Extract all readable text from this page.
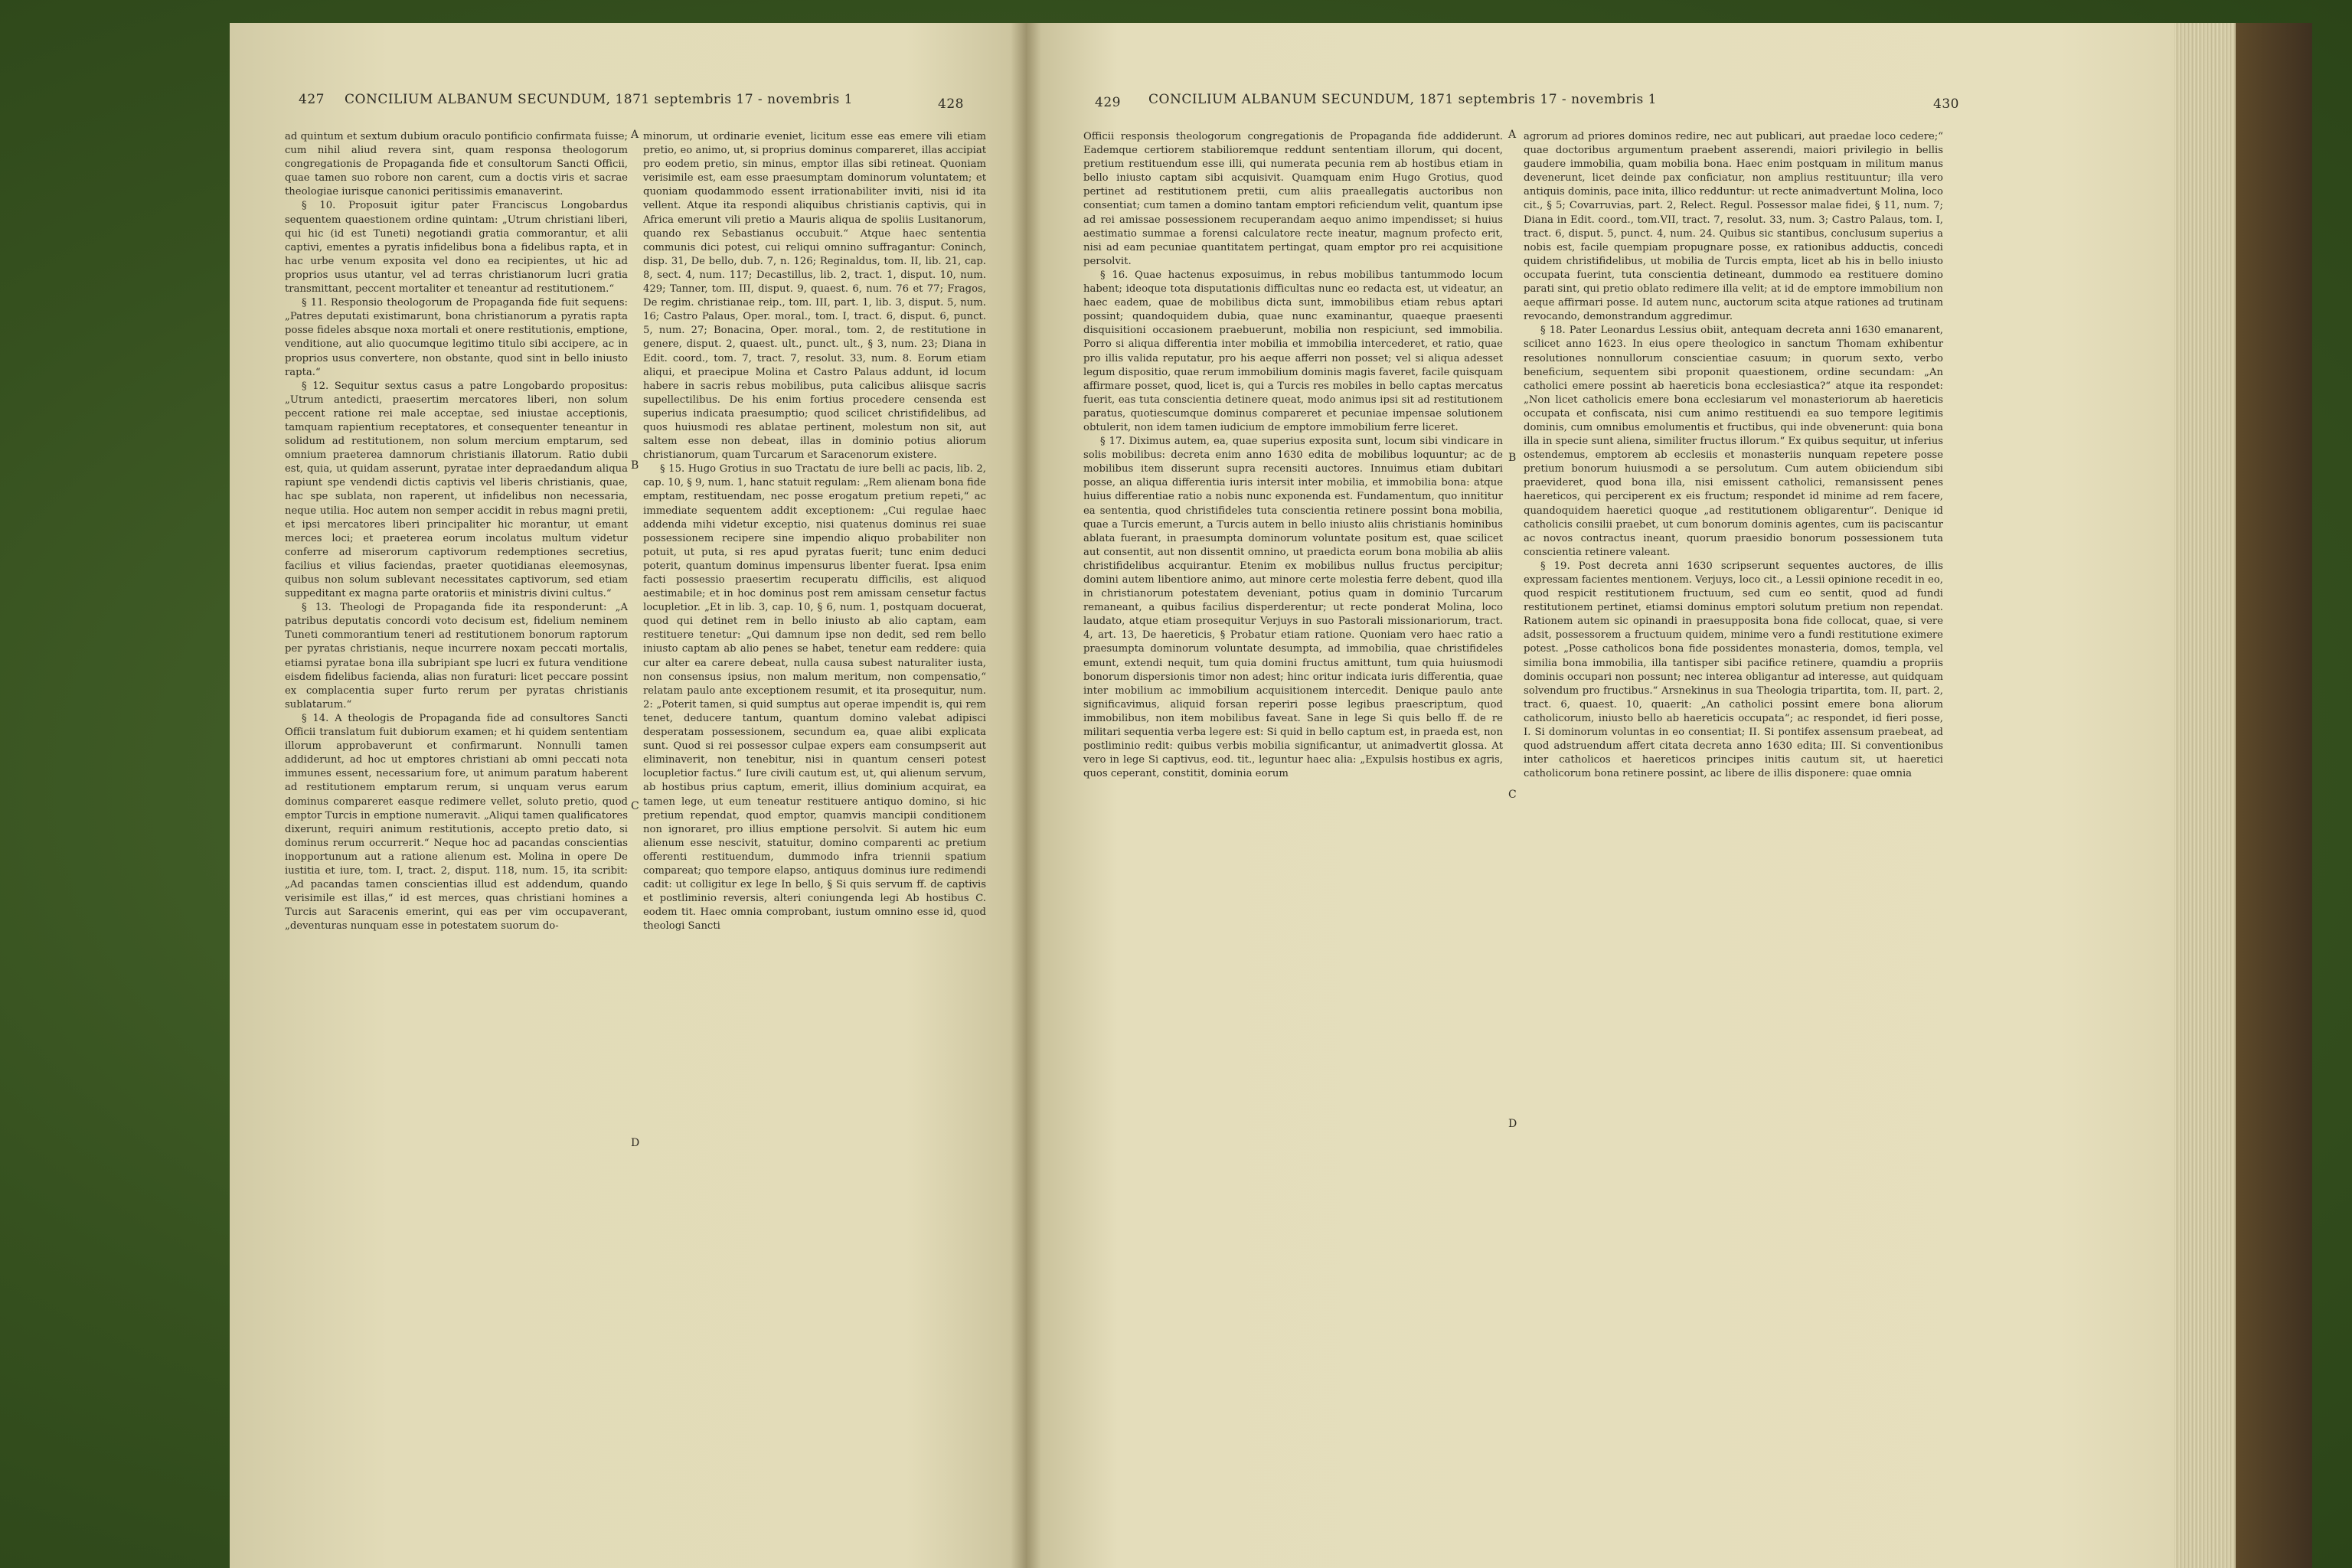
427 CONCILIUM ALBANUM SECUNDUM, 1871 septembris 17 - novembris 1	428

ad quintum et sextum dubium oraculo pontificio confirmata fuisse; cum nihil aliud revera sint, quam responsa theologorum congregationis de Propaganda fide et consultorum Sancti Officii, quae tamen suo robore non carent, cum a doctis viris et sacrae theologiae iurisque canonici peritissimis emanaverint.

§ 10. Proposuit igitur pater Franciscus Longobardus sequentem quaestionem ordine quintam: „Utrum christiani liberi, qui hic (id est Tuneti) negotiandi gratia commorantur, et alii captivi, ementes a pyratis infidelibus bona a fidelibus rapta, et in hac urbe venum exposita vel dono ea recipientes, ut hic ad proprios usus utantur, vel ad terras christianorum lucri gratia transmittant, peccent mortaliter et teneantur ad restitutionem.“

§ 11. Responsio theologorum de Propaganda fide fuit sequens: „Patres deputati existimarunt, bona christianorum a pyratis rapta posse fideles absque noxa mortali et onere restitutionis, emptione, venditione, aut alio quocumque legitimo titulo sibi accipere, ac in proprios usus convertere, non obstante, quod sint in bello iniusto rapta.“

§ 12. Sequitur sextus casus a patre Longobardo propositus: „Utrum antedicti, praesertim mercatores liberi, non solum peccent ratione rei male acceptae, sed iniustae acceptionis, tamquam rapientium receptatores, et consequenter teneantur in solidum ad restitutionem, non solum mercium emptarum, sed omnium praeterea damnorum christianis illatorum. Ratio dubii est, quia, ut quidam asserunt, pyratae inter depraedandum aliqua rapiunt spe vendendi dictis captivis vel liberis christianis, quae, hac spe sublata, non raperent, ut infidelibus non necessaria, neque utilia. Hoc autem non semper accidit in rebus magni pretii, et ipsi mercatores liberi principaliter hic morantur, ut emant merces loci; et praeterea eorum incolatus multum videtur conferre ad miserorum captivorum redemptiones secretius, facilius et vilius faciendas, praeter quotidianas eleemosynas, quibus non solum sublevant necessitates captivorum, sed etiam suppeditant ex magna parte oratoriis et ministris divini cultus.“

§ 13. Theologi de Propaganda fide ita responderunt: „A patribus deputatis concordi voto decisum est, fidelium neminem Tuneti commorantium teneri ad restitutionem bonorum raptorum per pyratas christianis, neque incurrere noxam peccati mortalis, etiamsi pyratae bona illa subripiant spe lucri ex futura venditione eisdem fidelibus facienda, alias non furaturi: licet peccare possint ex complacentia super furto rerum per pyratas christianis sublatarum.“

§ 14. A theologis de Propaganda fide ad consultores Sancti Officii translatum fuit dubiorum examen; et hi quidem sententiam illorum approbaverunt et confirmarunt. Nonnulli tamen addiderunt, ad hoc ut emptores christiani ab omni peccati nota immunes essent, necessarium fore, ut animum paratum haberent ad restitutionem emptarum rerum, si unquam verus earum dominus compareret easque redimere vellet, soluto pretio, quod emptor Turcis in emptione numeravit. „Aliqui tamen qualificatores dixerunt, requiri animum restitutionis, accepto pretio dato, si dominus rerum occurrerit.“ Neque hoc ad pacandas conscientias inopportunum aut a ratione alienum est. Molina in opere De iustitia et iure, tom. I, tract. 2, disput. 118, num. 15, ita scribit: „Ad pacandas tamen conscientias illud est addendum, quando verisimile est illas,“ id est merces, quas christiani homines a Turcis aut Saracenis emerint, qui eas per vim occupaverant, „deventuras nunquam esse in potestatem suorum do-

minorum, ut ordinarie eveniet, licitum esse eas emere vili etiam pretio, eo animo, ut, si proprius dominus compareret, illas accipiat pro eodem pretio, sin minus, emptor illas sibi retineat. Quoniam verisimile est, eam esse praesumptam dominorum voluntatem; et quoniam quodammodo essent irrationabiliter inviti, nisi id ita vellent. Atque ita respondi aliquibus christianis captivis, qui in Africa emerunt vili pretio a Mauris aliqua de spoliis Lusitanorum, quando rex Sebastianus occubuit.“ Atque haec sententia communis dici potest, cui reliqui omnino suffragantur: Coninch, disp. 31, De bello, dub. 7, n. 126; Reginaldus, tom. II, lib. 21, cap. 8, sect. 4, num. 117; Decastillus, lib. 2, tract. 1, disput. 10, num. 429; Tanner, tom. III, disput. 9, quaest. 6, num. 76 et 77; Fragos, De regim. christianae reip., tom. III, part. 1, lib. 3, disput. 5, num. 16; Castro Palaus, Oper. moral., tom. I, tract. 6, disput. 6, punct. 5, num. 27; Bonacina, Oper. moral., tom. 2, de restitutione in genere, disput. 2, quaest. ult., punct. ult., § 3, num. 23; Diana in Edit. coord., tom. 7, tract. 7, resolut. 33, num. 8. Eorum etiam aliqui, et praecipue Molina et Castro Palaus addunt, id locum habere in sacris rebus mobilibus, puta calicibus aliisque sacris supellectilibus. De his enim fortius procedere censenda est superius indicata praesumptio; quod scilicet christifidelibus, ad quos huiusmodi res ablatae pertinent, molestum non sit, aut saltem esse non debeat, illas in dominio potius aliorum christianorum, quam Turcarum et Saracenorum existere.

§ 15. Hugo Grotius in suo Tractatu de iure belli ac pacis, lib. 2, cap. 10, § 9, num. 1, hanc statuit regulam: „Rem alienam bona fide emptam, restituendam, nec posse erogatum pretium repeti,“ ac immediate sequentem addit exceptionem: „Cui regulae haec addenda mihi videtur exceptio, nisi quatenus dominus rei suae possessionem recipere sine impendio aliquo probabiliter non potuit, ut puta, si res apud pyratas fuerit; tunc enim deduci poterit, quantum dominus impensurus libenter fuerat. Ipsa enim facti possessio praesertim recuperatu difficilis, est aliquod aestimabile; et in hoc dominus post rem amissam censetur factus locupletior. „Et in lib. 3, cap. 10, § 6, num. 1, postquam docuerat, quod qui detinet rem in bello iniusto ab alio captam, eam restituere tenetur: „Qui damnum ipse non dedit, sed rem bello iniusto captam ab alio penes se habet, tenetur eam reddere: quia cur alter ea carere debeat, nulla causa subest naturaliter iusta, non consensus ipsius, non malum meritum, non compensatio,“ relatam paulo ante exceptionem resumit, et ita prosequitur, num. 2: „Poterit tamen, si quid sumptus aut operae impendit is, qui rem tenet, deducere tantum, quantum domino valebat adipisci desperatam possessionem, secundum ea, quae alibi explicata sunt. Quod si rei possessor culpae expers eam consumpserit aut eliminaverit, non tenebitur, nisi in quantum censeri potest locupletior factus.“ Iure civili cautum est, ut, qui alienum servum, ab hostibus prius captum, emerit, illius dominium acquirat, ea tamen lege, ut eum teneatur restituere antiquo domino, si hic pretium rependat, quod emptor, quamvis mancipii conditionem non ignoraret, pro illius emptione persolvit. Si autem hic eum alienum esse nescivit, statuitur, domino comparenti ac pretium offerenti restituendum, dummodo infra triennii spatium compareat; quo tempore elapso, antiquus dominus iure redimendi cadit: ut colligitur ex lege In bello, § Si quis servum ff. de captivis et postliminio reversis, alteri coniungenda legi Ab hostibus C. eodem tit. Haec omnia comprobant, iustum omnino esse id, quod theologi Sancti

A
B
C
D
429 CONCILIUM ALBANUM SECUNDUM, 1871 septembris 17 - novembris 1	430

Officii responsis theologorum congregationis de Propaganda fide addiderunt. Eademque certiorem stabilioremque reddunt sententiam illorum, qui docent, pretium restituendum esse illi, qui numerata pecunia rem ab hostibus etiam in bello iniusto captam sibi acquisivit. Quamquam enim Hugo Grotius, quod pertinet ad restitutionem pretii, cum aliis praeallegatis auctoribus non consentiat; cum tamen a domino tantam emptori reficiendum velit, quantum ipse ad rei amissae possessionem recuperandam aequo animo impendisset; si huius aestimatio summae a forensi calculatore recte ineatur, magnum profecto erit, nisi ad eam pecuniae quantitatem pertingat, quam emptor pro rei acquisitione persolvit.

§ 16. Quae hactenus exposuimus, in rebus mobilibus tantummodo locum habent; ideoque tota disputationis difficultas nunc eo redacta est, ut videatur, an haec eadem, quae de mobilibus dicta sunt, immobilibus etiam rebus aptari possint; quandoquidem dubia, quae nunc examinantur, quaeque praesenti disquisitioni occasionem praebuerunt, mobilia non respiciunt, sed immobilia. Porro si aliqua differentia inter mobilia et immobilia intercederet, et ratio, quae pro illis valida reputatur, pro his aeque afferri non posset; vel si aliqua adesset legum dispositio, quae rerum immobilium dominis magis faveret, facile quisquam affirmare posset, quod, licet is, qui a Turcis res mobiles in bello captas mercatus fuerit, eas tuta conscientia detinere queat, modo animus ipsi sit ad restitutionem paratus, quotiescumque dominus compareret et pecuniae impensae solutionem obtulerit, non idem tamen iudicium de emptore immobilium ferre liceret.

§ 17. Diximus autem, ea, quae superius exposita sunt, locum sibi vindicare in solis mobilibus: decreta enim anno 1630 edita de mobilibus loquuntur; ac de mobilibus item disserunt supra recensiti auctores. Innuimus etiam dubitari posse, an aliqua differentia iuris intersit inter mobilia, et immobilia bona: atque huius differentiae ratio a nobis nunc exponenda est. Fundamentum, quo innititur ea sententia, quod christifideles tuta conscientia retinere possint bona mobilia, quae a Turcis emerunt, a Turcis autem in bello iniusto aliis christianis hominibus ablata fuerant, in praesumpta dominorum voluntate positum est, quae scilicet aut consentit, aut non dissentit omnino, ut praedicta eorum bona mobilia ab aliis christifidelibus acquirantur. Etenim ex mobilibus nullus fructus percipitur; domini autem libentiore animo, aut minore certe molestia ferre debent, quod illa in christianorum potestatem deveniant, potius quam in dominio Turcarum remaneant, a quibus facilius disperderentur; ut recte ponderat Molina, loco laudato, atque etiam prosequitur Verjuys in suo Pastorali missionariorum, tract. 4, art. 13, De haereticis, § Probatur etiam ratione. Quoniam vero haec ratio a praesumpta dominorum voluntate desumpta, ad immobilia, quae christifideles emunt, extendi nequit, tum quia domini fructus amittunt, tum quia huiusmodi bonorum dispersionis timor non adest; hinc oritur indicata iuris differentia, quae inter mobilium ac immobilium acquisitionem intercedit. Denique paulo ante significavimus, aliquid forsan reperiri posse legibus praescriptum, quod immobilibus, non item mobilibus faveat. Sane in lege Si quis bello ff. de re militari sequentia verba legere est: Si quid in bello captum est, in praeda est, non postliminio redit: quibus verbis mobilia significantur, ut animadvertit glossa. At vero in lege Si captivus, eod. tit., leguntur haec alia: „Expulsis hostibus ex agris, quos ceperant, constitit, dominia eorum

agrorum ad priores dominos redire, nec aut publicari, aut praedae loco cedere;“ quae doctoribus argumentum praebent asserendi, maiori privilegio in bellis gaudere immobilia, quam mobilia bona. Haec enim postquam in militum manus devenerunt, licet deinde pax conficiatur, non amplius restituuntur; illa vero antiquis dominis, pace inita, illico redduntur: ut recte animadvertunt Molina, loco cit., § 5; Covarruvias, part. 2, Relect. Regul. Possessor malae fidei, § 11, num. 7; Diana in Edit. coord., tom.VII, tract. 7, resolut. 33, num. 3; Castro Palaus, tom. I, tract. 6, disput. 5, punct. 4, num. 24. Quibus sic stantibus, conclusum superius a nobis est, facile quempiam propugnare posse, ex rationibus adductis, concedi quidem christifidelibus, ut mobilia de Turcis empta, licet ab his in bello iniusto occupata fuerint, tuta conscientia detineant, dummodo ea restituere domino parati sint, qui pretio oblato redimere illa velit; at id de emptore immobilium non aeque affirmari posse. Id autem nunc, auctorum scita atque rationes ad trutinam revocando, demonstrandum aggredimur.

§ 18. Pater Leonardus Lessius obiit, antequam decreta anni 1630 emanarent, scilicet anno 1623. In eius opere theologico in sanctum Thomam exhibentur resolutiones nonnullorum conscientiae casuum; in quorum sexto, verbo beneficium, sequentem sibi proponit quaestionem, ordine secundam: „An catholici emere possint ab haereticis bona ecclesiastica?“ atque ita respondet: „Non licet catholicis emere bona ecclesiarum vel monasteriorum ab haereticis occupata et confiscata, nisi cum animo restituendi ea suo tempore legitimis dominis, cum omnibus emolumentis et fructibus, qui inde obvenerunt: quia bona illa in specie sunt aliena, similiter fructus illorum.“ Ex quibus sequitur, ut inferius ostendemus, emptorem ab ecclesiis et monasteriis nunquam repetere posse pretium bonorum huiusmodi a se persolutum. Cum autem obiiciendum sibi praevideret, quod bona illa, nisi emissent catholici, remansissent penes haereticos, qui perciperent ex eis fructum; respondet id minime ad rem facere, quandoquidem haeretici quoque „ad restitutionem obligarentur“. Denique id catholicis consilii praebet, ut cum bonorum dominis agentes, cum iis paciscantur ac novos contractus ineant, quorum praesidio bonorum possessionem tuta conscientia retinere valeant.

§ 19. Post decreta anni 1630 scripserunt sequentes auctores, de illis expressam facientes mentionem. Verjuys, loco cit., a Lessii opinione recedit in eo, quod respicit restitutionem fructuum, sed cum eo sentit, quod ad fundi restitutionem pertinet, etiamsi dominus emptori solutum pretium non rependat. Rationem autem sic opinandi in praesupposita bona fide collocat, quae, si vere adsit, possessorem a fructuum quidem, minime vero a fundi restitutione eximere potest. „Posse catholicos bona fide possidentes monasteria, domos, templa, vel similia bona immobilia, illa tantisper sibi pacifice retinere, quamdiu a propriis dominis occupari non possunt; nec interea obligantur ad interesse, aut quidquam solvendum pro fructibus.“ Arsnekinus in sua Theologia tripartita, tom. II, part. 2, tract. 6, quaest. 10, quaerit: „An catholici possint emere bona aliorum catholicorum, iniusto bello ab haereticis occupata“; ac respondet, id fieri posse, I. Si dominorum voluntas in eo consentiat; II. Si pontifex assensum praebeat, ad quod adstruendum affert citata decreta anno 1630 edita; III. Si conventionibus inter catholicos et haereticos principes initis cautum sit, ut haeretici catholicorum bona retinere possint, ac libere de illis disponere: quae omnia

A
B
C
D
